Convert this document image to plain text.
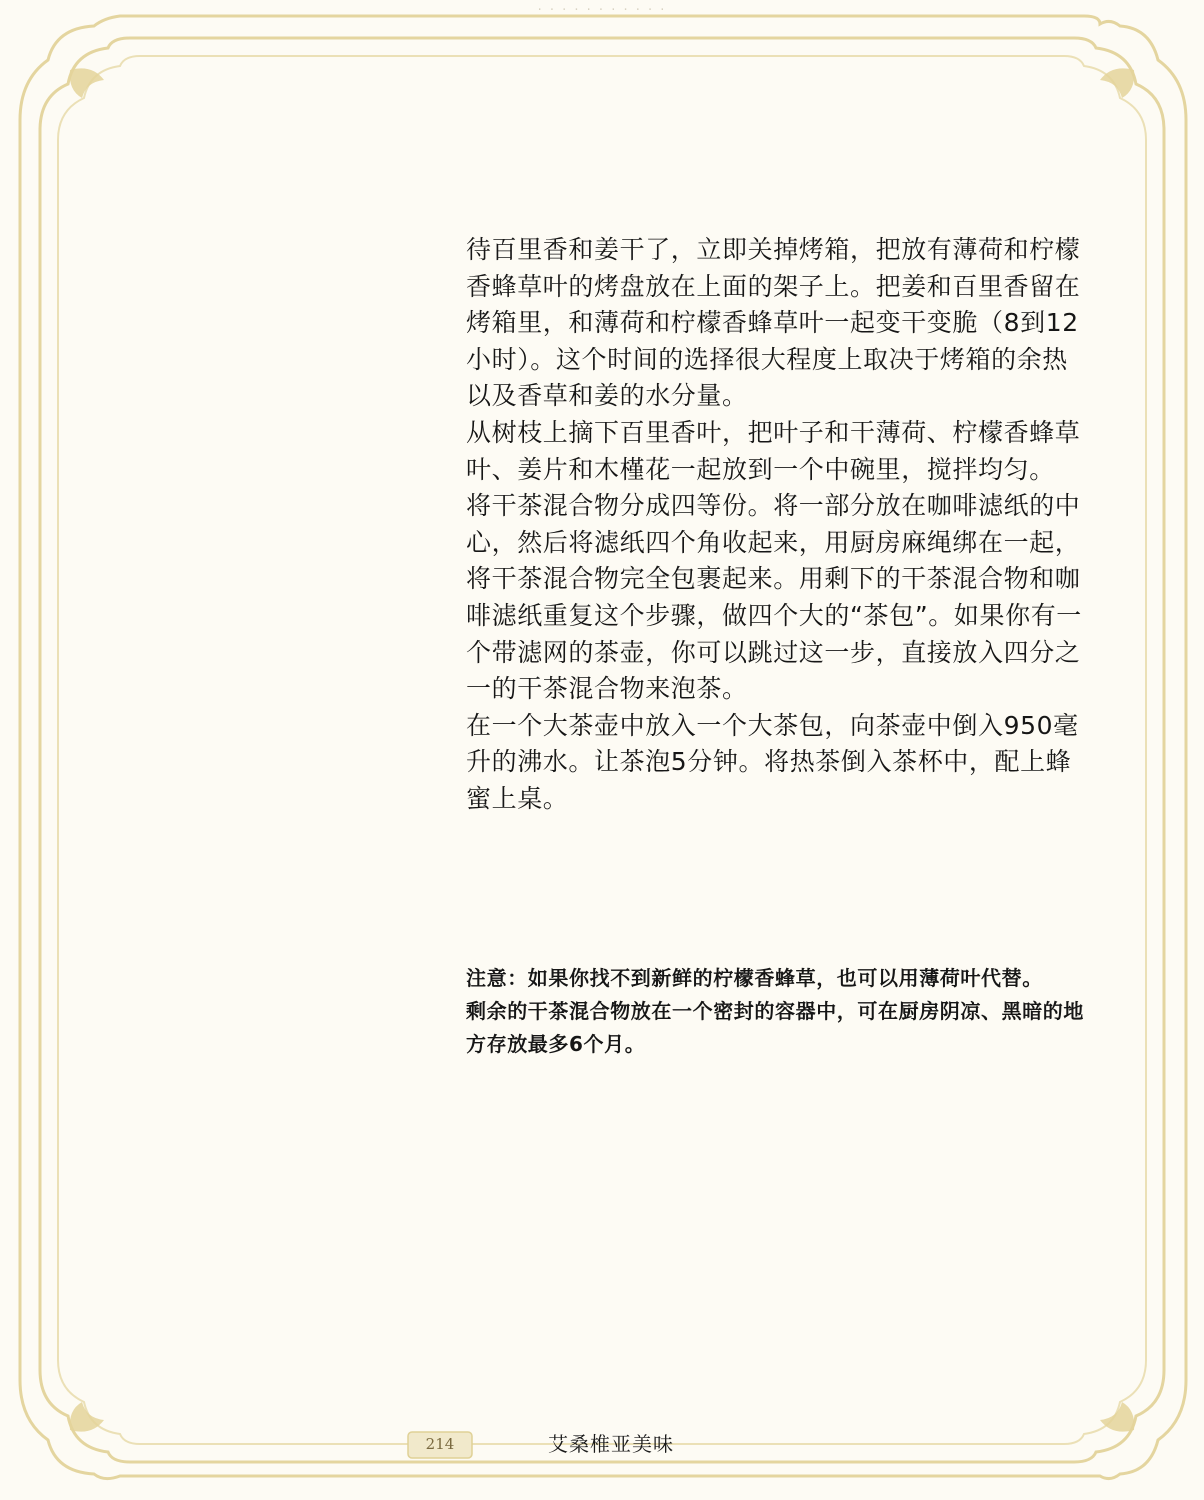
· · · · · · · · · · ·

待百里香和姜干了，立即关掉烤箱，把放有薄荷和柠檬香蜂草叶的烤盘放在上面的架子上。把姜和百里香留在烤箱里，和薄荷和柠檬香蜂草叶一起变干变脆（8到12小时）。这个时间的选择很大程度上取决于烤箱的余热以及香草和姜的水分量。

从树枝上摘下百里香叶，把叶子和干薄荷、柠檬香蜂草叶、姜片和木槿花一起放到一个中碗里，搅拌均匀。

将干茶混合物分成四等份。将一部分放在咖啡滤纸的中心，然后将滤纸四个角收起来，用厨房麻绳绑在一起，将干茶混合物完全包裹起来。用剩下的干茶混合物和咖啡滤纸重复这个步骤，做四个大的“茶包”。如果你有一个带滤网的茶壶，你可以跳过这一步，直接放入四分之一的干茶混合物来泡茶。

在一个大茶壶中放入一个大茶包，向茶壶中倒入950毫升的沸水。让茶泡5分钟。将热茶倒入茶杯中，配上蜂蜜上桌。

注意：如果你找不到新鲜的柠檬香蜂草，也可以用薄荷叶代替。

剩余的干茶混合物放在一个密封的容器中，可在厨房阴凉、黑暗的地方存放最多6个月。

214	艾桑椎亚美味
